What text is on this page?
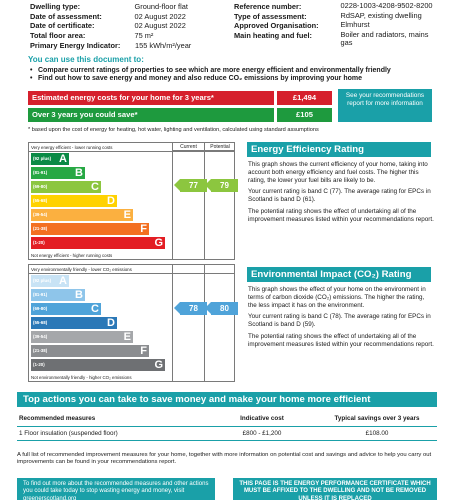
Dwelling type:	Ground-floor flat	Reference number:	0228-1003-4208-9502-8200
Date of assessment:	02 August 2022	Type of assessment:	RdSAP, existing dwelling
Date of certificate:	02 August 2022	Approved Organisation:	Elmhurst
Total floor area:	75 m²	Main heating and fuel:	Boiler and radiators, mains gas
Primary Energy Indicator:	155 kWh/m²/year
You can use this document to:
• Compare current ratings of properties to see which are more energy efficient and environmentally friendly
• Find out how to save energy and money and also reduce CO₂ emissions by improving your home
Estimated energy costs for your home for 3 years*	£1,494
Over 3 years you could save*	£105
See your recommendations report for more information
* based upon the cost of energy for heating, hot water, lighting and ventilation, calculated using standard assumptions
Current	Potential
Very energy efficient - lower running costs
Not energy efficient - higher running costs
(92 plus) A
(81-91)	B
(69-80)	C
(55-68)	D
(39-54)	E
(21-38)	F
(1-20)	G
77	79
Very environmentally friendly - lower CO₂ emissions
Not environmentally friendly - higher CO₂ emissions
(92 plus) A
(81-91)	B
(69-80)	C
(55-68)	D
(39-54)	E
(21-38)	F
(1-20)	G
78	80
Energy Efficiency Rating

This graph shows the current efficiency of your home, taking into account both energy efficiency and fuel costs. The higher this rating, the lower your fuel bills are likely to be.

Your current rating is band C (77). The average rating for EPCs in Scotland is band D (61).

The potential rating shows the effect of undertaking all of the improvement measures listed within your recommendations report.

Environmental Impact (CO₂) Rating

This graph shows the effect of your home on the environment in terms of carbon dioxide (CO₂) emissions. The higher the rating, the less impact it has on the environment.

Your current rating is band C (78). The average rating for EPCs in Scotland is band D (59).

The potential rating shows the effect of undertaking all of the improvement measures listed within your recommendations report.

Top actions you can take to save money and make your home more efficient
Recommended measures	Indicative cost	Typical savings over 3 years
1 Floor insulation (suspended floor)	£800 - £1,200	£108.00
A full list of recommended improvement measures for your home, together with more information on potential cost and savings and advice to help you carry out improvements can be found in your recommendations report.
To find out more about the recommended measures and other actions you could take today to stop wasting energy and money, visit greenerscotland.org
THIS PAGE IS THE ENERGY PERFORMANCE CERTIFICATE WHICH MUST BE AFFIXED TO THE DWELLING AND NOT BE REMOVED UNLESS IT IS REPLACED
